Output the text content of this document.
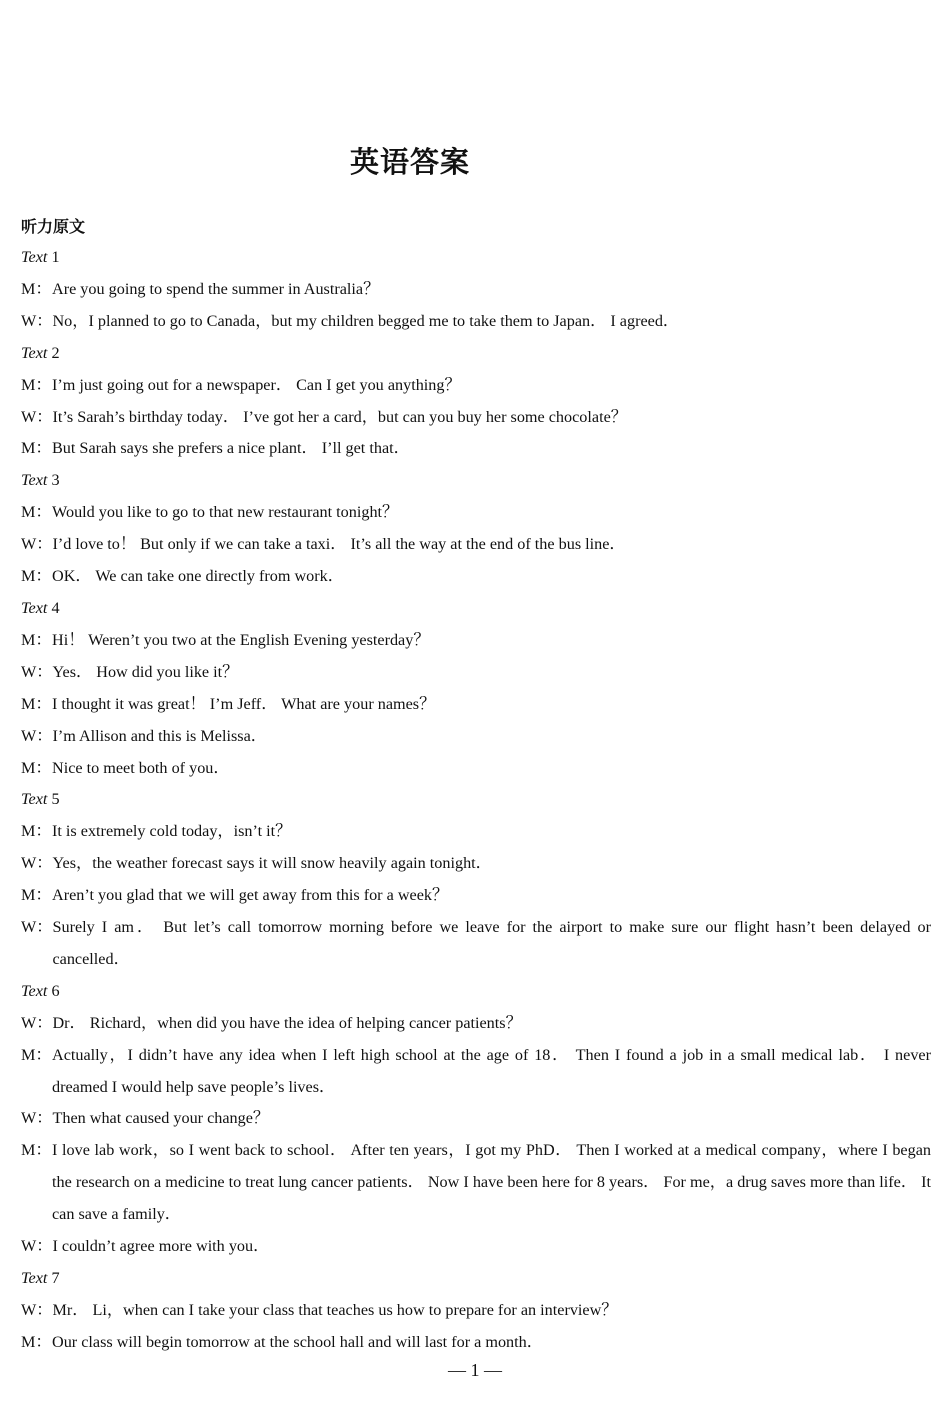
英语答案
听力原文
Text 1
M： Are you going to spend the summer in Australia？
W： No，I planned to go to Canada，but my children begged me to take them to Japan． I agreed．
Text 2
M： I’m just going out for a newspaper． Can I get you anything？
W： It’s Sarah’s birthday today． I’ve got her a card，but can you buy her some chocolate？
M： But Sarah says she prefers a nice plant． I’ll get that．
Text 3
M： Would you like to go to that new restaurant tonight？
W： I’d love to！ But only if we can take a taxi． It’s all the way at the end of the bus line．
M： OK． We can take one directly from work．
Text 4
M： Hi！ Weren’t you two at the English Evening yesterday？
W： Yes． How did you like it？
M： I thought it was great！ I’m Jeff． What are your names？
W： I’m Allison and this is Melissa．
M： Nice to meet both of you．
Text 5
M： It is extremely cold today，isn’t it？
W： Yes，the weather forecast says it will snow heavily again tonight．
M： Aren’t you glad that we will get away from this for a week？
W： Surely I am． But let’s call tomorrow morning before we leave for the airport to make sure our flight hasn’t been delayed or cancelled．
Text 6
W： Dr． Richard，when did you have the idea of helping cancer patients？
M： Actually，I didn’t have any idea when I left high school at the age of 18． Then I found a job in a small medical lab． I never dreamed I would help save people’s lives．
W： Then what caused your change？
M： I love lab work，so I went back to school． After ten years，I got my PhD． Then I worked at a medical company，where I began the research on a medicine to treat lung cancer patients． Now I have been here for 8 years． For me，a drug saves more than life． It can save a family．
W： I couldn’t agree more with you．
Text 7
W： Mr． Li，when can I take your class that teaches us how to prepare for an interview？
M： Our class will begin tomorrow at the school hall and will last for a month．
— 1 —
